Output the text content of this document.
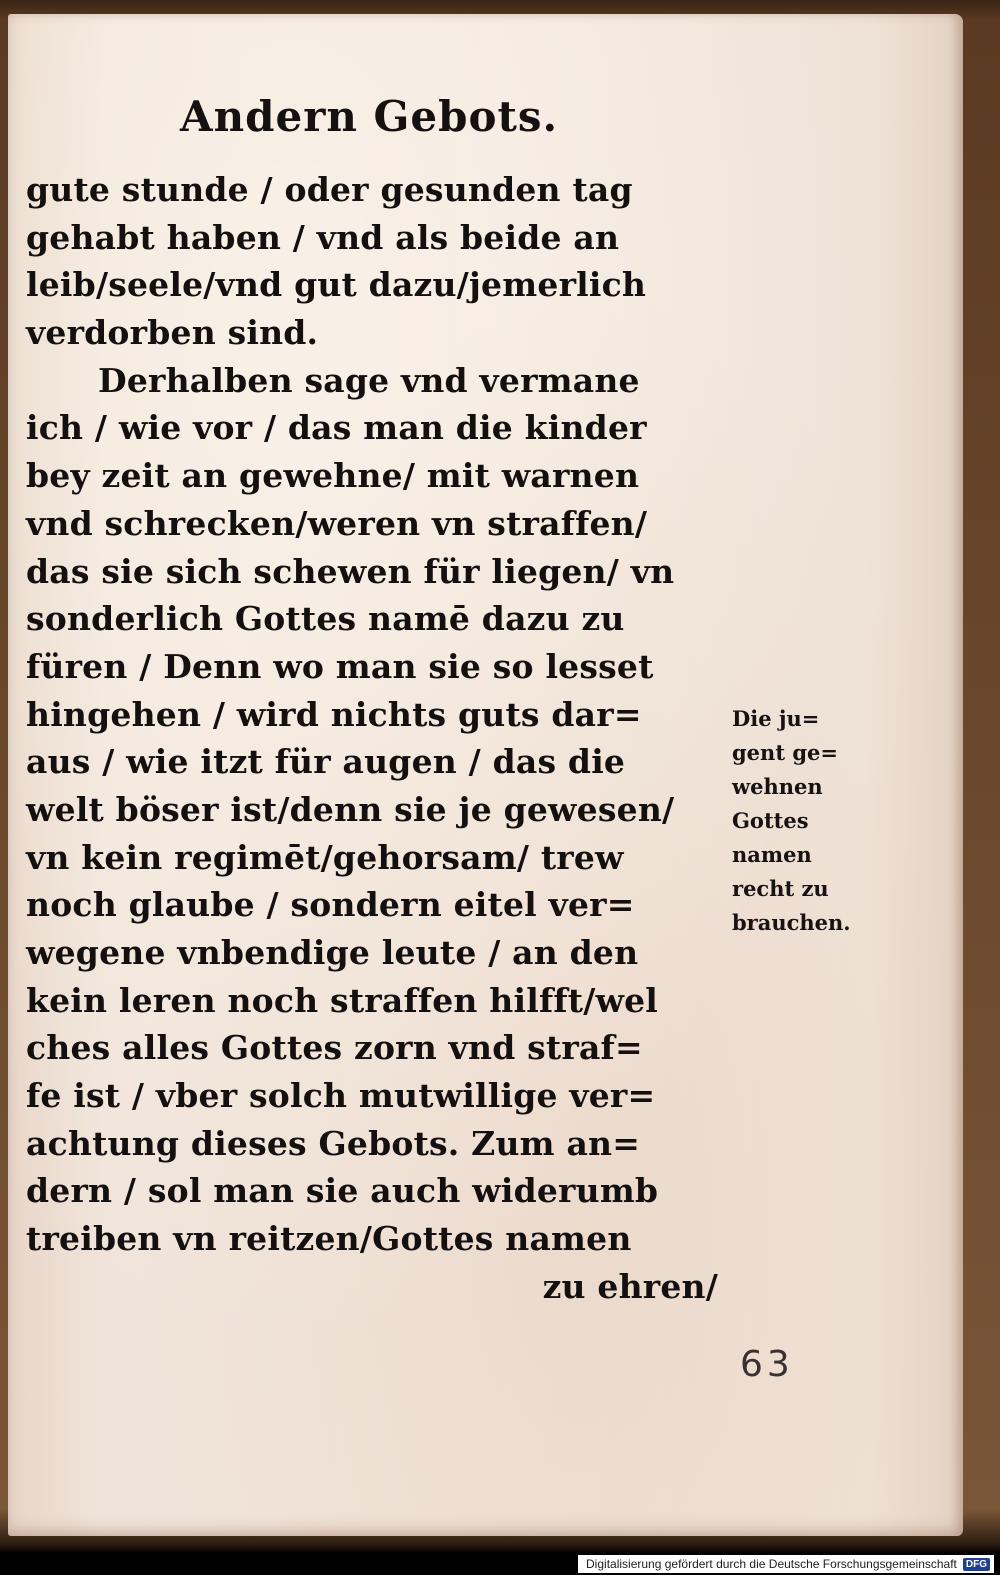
Andern Gebots.
gute stunde / oder gesunden tag
gehabt haben / vnd als beide an
leib/seele/vnd gut dazu/jemerlich
verdorben sind.
Derhalben sage vnd vermane
ich / wie vor / das man die kinder
bey zeit an gewehne/ mit warnen
vnd schrecken/weren vn straffen/
das sie sich schewen für liegen/ vn
sonderlich Gottes namē dazu zu
füren / Denn wo man sie so lesset
hingehen / wird nichts guts dar=
aus / wie itzt für augen / das die
welt böser ist/denn sie je gewesen/
vn kein regimēt/gehorsam/ trew
noch glaube / sondern eitel ver=
wegene vnbendige leute / an den
kein leren noch straffen hilfft/wel
ches alles Gottes zorn vnd straf=
fe ist / vber solch mutwillige ver=
achtung dieses Gebots. Zum an=
dern / sol man sie auch widerumb
treiben vn reitzen/Gottes namen
zu ehren/
Die ju=
gent ge=
wehnen
Gottes
namen
recht zu
brauchen.
63
Digitalisierung gefördert durch die Deutsche Forschungsgemeinschaft DFG
